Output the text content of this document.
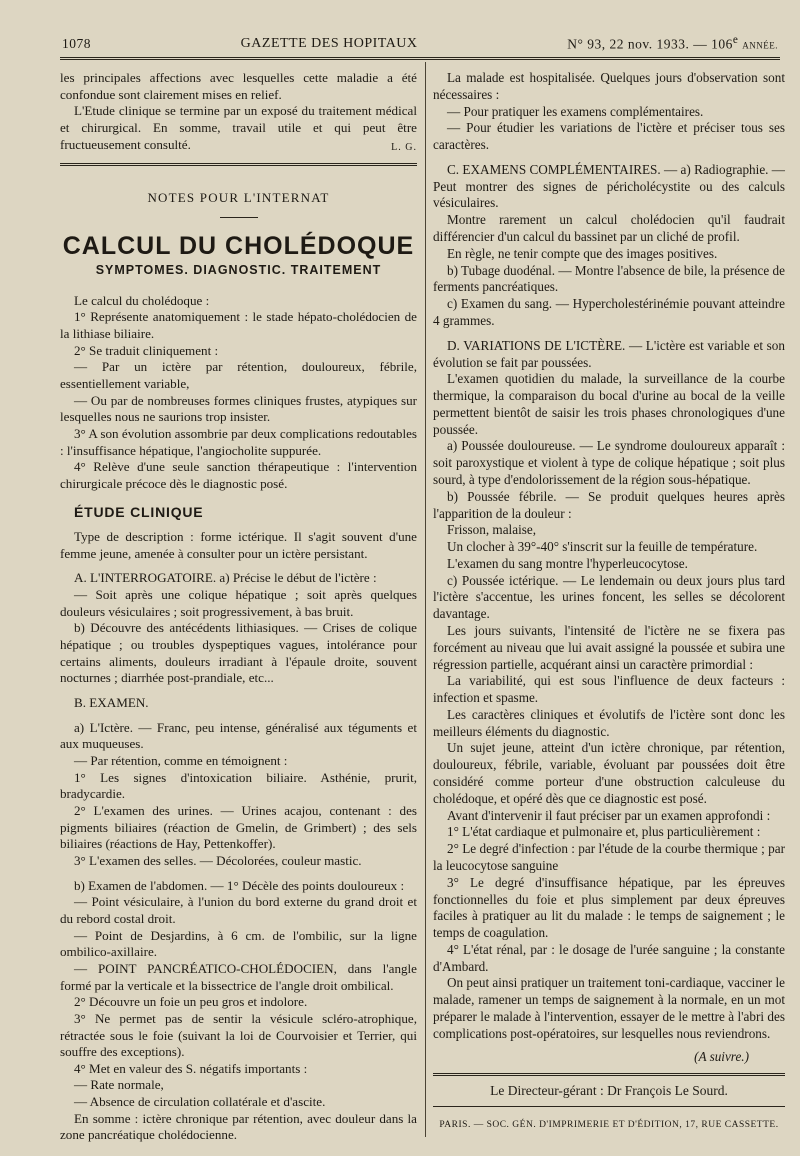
1078	GAZETTE DES HOPITAUX	N° 93, 22 nov. 1933. — 106e ANNÉE.

les principales affections avec lesquelles cette maladie a été confondue sont clairement mises en relief.

L'Etude clinique se termine par un exposé du traitement médical et chirurgical. En somme, travail utile et qui peut être fructueusement consulté.	L. G.

NOTES POUR L'INTERNAT

CALCUL DU CHOLÉDOQUE

SYMPTOMES. DIAGNOSTIC. TRAITEMENT

Le calcul du cholédoque :

1° Représente anatomiquement : le stade hépato-cholédocien de la lithiase biliaire.

2° Se traduit cliniquement :

— Par un ictère par rétention, douloureux, fébrile, essentiellement variable,

— Ou par de nombreuses formes cliniques frustes, atypiques sur lesquelles nous ne saurions trop insister.

3° A son évolution assombrie par deux complications redoutables : l'insuffisance hépatique, l'angiocholite suppurée.

4° Relève d'une seule sanction thérapeutique : l'intervention chirurgicale précoce dès le diagnostic posé.

ÉTUDE CLINIQUE

Type de description : forme ictérique. Il s'agit souvent d'une femme jeune, amenée à consulter pour un ictère persistant.

A. L'INTERROGATOIRE. a) Précise le début de l'ictère :

— Soit après une colique hépatique ; soit après quelques douleurs vésiculaires ; soit progressivement, à bas bruit.

b) Découvre des antécédents lithiasiques. — Crises de colique hépatique ; ou troubles dyspeptiques vagues, intolérance pour certains aliments, douleurs irradiant à l'épaule droite, souvent nocturnes ; diarrhée post-prandiale, etc...

B. EXAMEN.

a) L'Ictère. — Franc, peu intense, généralisé aux téguments et aux muqueuses.

— Par rétention, comme en témoignent :

1° Les signes d'intoxication biliaire. Asthénie, prurit, bradycardie.

2° L'examen des urines. — Urines acajou, contenant : des pigments biliaires (réaction de Gmelin, de Grimbert) ; des sels biliaires (réactions de Hay, Pettenkoffer).

3° L'examen des selles. — Décolorées, couleur mastic.

b) Examen de l'abdomen. — 1° Décèle des points douloureux :

— Point vésiculaire, à l'union du bord externe du grand droit et du rebord costal droit.

— Point de Desjardins, à 6 cm. de l'ombilic, sur la ligne ombilico-axillaire.

— POINT PANCRÉATICO-CHOLÉDOCIEN, dans l'angle formé par la verticale et la bissectrice de l'angle droit ombilical.

2° Découvre un foie un peu gros et indolore.

3° Ne permet pas de sentir la vésicule scléro-atrophique, rétractée sous le foie (suivant la loi de Courvoisier et Terrier, qui souffre des exceptions).

4° Met en valeur des S. négatifs importants :

— Rate normale,

— Absence de circulation collatérale et d'ascite.

En somme : ictère chronique par rétention, avec douleur dans la zone pancréatique cholédocienne.

La malade est hospitalisée. Quelques jours d'observation sont nécessaires :

— Pour pratiquer les examens complémentaires.

— Pour étudier les variations de l'ictère et préciser tous ses caractères.

C. EXAMENS COMPLÉMENTAIRES. — a) Radiographie. — Peut montrer des signes de péricholécystite ou des calculs vésiculaires.

Montre rarement un calcul cholédocien qu'il faudrait différencier d'un calcul du bassinet par un cliché de profil.

En règle, ne tenir compte que des images positives.

b) Tubage duodénal. — Montre l'absence de bile, la présence de ferments pancréatiques.

c) Examen du sang. — Hypercholestérinémie pouvant atteindre 4 grammes.

D. VARIATIONS DE L'ICTÈRE. — L'ictère est variable et son évolution se fait par poussées.

L'examen quotidien du malade, la surveillance de la courbe thermique, la comparaison du bocal d'urine au bocal de la veille permettent bientôt de saisir les trois phases chronologiques d'une poussée.

a) Poussée douloureuse. — Le syndrome douloureux apparaît : soit paroxystique et violent à type de colique hépatique ; soit plus sourd, à type d'endolorissement de la région sous-hépatique.

b) Poussée fébrile. — Se produit quelques heures après l'apparition de la douleur :

Frisson, malaise,

Un clocher à 39°-40° s'inscrit sur la feuille de température.

L'examen du sang montre l'hyperleucocytose.

c) Poussée ictérique. — Le lendemain ou deux jours plus tard l'ictère s'accentue, les urines foncent, les selles se décolorent davantage.

Les jours suivants, l'intensité de l'ictère ne se fixera pas forcément au niveau que lui avait assigné la poussée et subira une régression partielle, acquérant ainsi un caractère primordial :

La variabilité, qui est sous l'influence de deux facteurs : infection et spasme.

Les caractères cliniques et évolutifs de l'ictère sont donc les meilleurs éléments du diagnostic.

Un sujet jeune, atteint d'un ictère chronique, par rétention, douloureux, fébrile, variable, évoluant par poussées doit être considéré comme porteur d'une obstruction calculeuse du cholédoque, et opéré dès que ce diagnostic est posé.

Avant d'intervenir il faut préciser par un examen approfondi :

1° L'état cardiaque et pulmonaire et, plus particulièrement :

2° Le degré d'infection : par l'étude de la courbe thermique ; par la leucocytose sanguine

3° Le degré d'insuffisance hépatique, par les épreuves fonctionnelles du foie et plus simplement par deux épreuves faciles à pratiquer au lit du malade : le temps de saignement ; le temps de coagulation.

4° L'état rénal, par : le dosage de l'urée sanguine ; la constante d'Ambard.

On peut ainsi pratiquer un traitement toni-cardiaque, vacciner le malade, ramener un temps de saignement à la normale, en un mot préparer le malade à l'intervention, essayer de le mettre à l'abri des complications post-opératoires, sur lesquelles nous reviendrons.

(A suivre.)

Le Directeur-gérant : Dr François Le Sourd.

PARIS. — SOC. GÉN. D'IMPRIMERIE ET D'ÉDITION, 17, RUE CASSETTE.
